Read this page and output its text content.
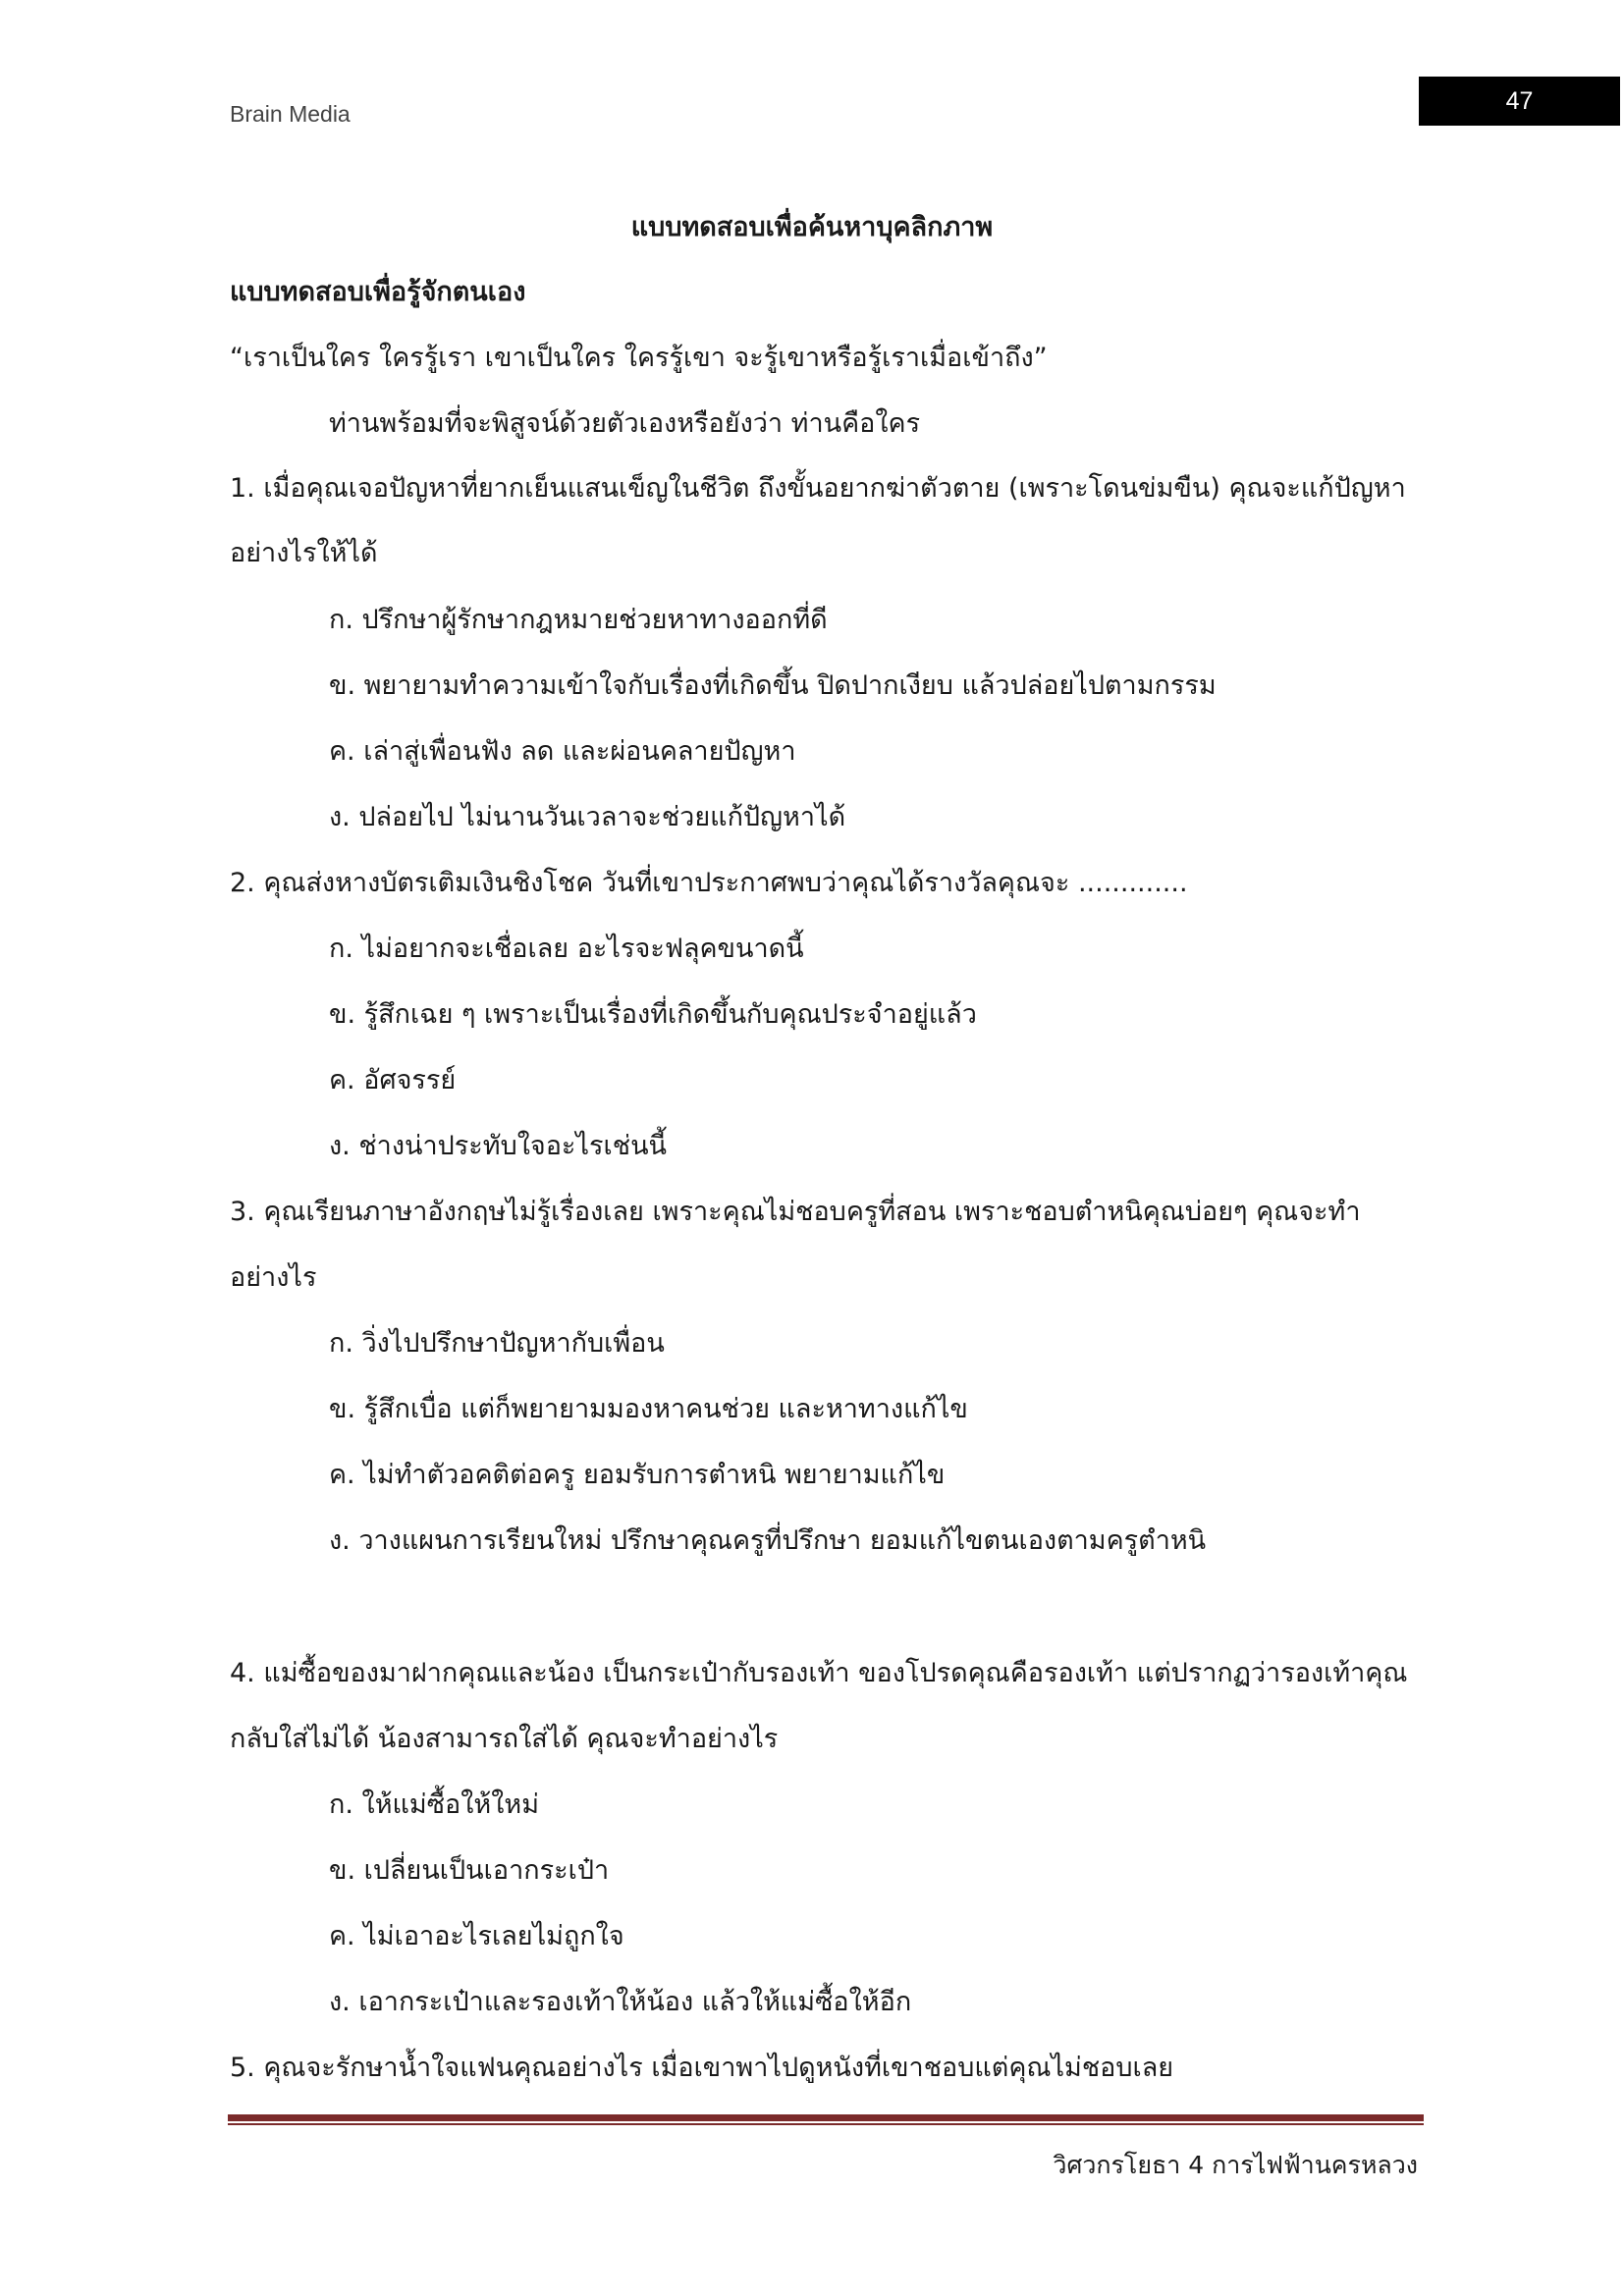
Brain Media	47
แบบทดสอบเพื่อค้นหาบุคลิกภาพ
แบบทดสอบเพื่อรู้จักตนเอง
“เราเป็นใคร ใครรู้เรา เขาเป็นใคร ใครรู้เขา จะรู้เขาหรือรู้เราเมื่อเข้าถึง”
ท่านพร้อมที่จะพิสูจน์ด้วยตัวเองหรือยังว่า ท่านคือใคร
1. เมื่อคุณเจอปัญหาที่ยากเย็นแสนเข็ญในชีวิต ถึงขั้นอยากฆ่าตัวตาย (เพราะโดนข่มขืน) คุณจะแก้ปัญหา
อย่างไรให้ได้
ก. ปรึกษาผู้รักษากฎหมายช่วยหาทางออกที่ดี
ข. พยายามทำความเข้าใจกับเรื่องที่เกิดขึ้น ปิดปากเงียบ แล้วปล่อยไปตามกรรม
ค. เล่าสู่เพื่อนฟัง ลด และผ่อนคลายปัญหา
ง. ปล่อยไป ไม่นานวันเวลาจะช่วยแก้ปัญหาได้
2. คุณส่งหางบัตรเติมเงินชิงโชค วันที่เขาประกาศพบว่าคุณได้รางวัลคุณจะ .............
ก. ไม่อยากจะเชื่อเลย อะไรจะฟลุคขนาดนี้
ข. รู้สึกเฉย ๆ เพราะเป็นเรื่องที่เกิดขึ้นกับคุณประจำอยู่แล้ว
ค. อัศจรรย์
ง. ช่างน่าประทับใจอะไรเช่นนี้
3. คุณเรียนภาษาอังกฤษไม่รู้เรื่องเลย เพราะคุณไม่ชอบครูที่สอน เพราะชอบตำหนิคุณบ่อยๆ คุณจะทำ
อย่างไร
ก. วิ่งไปปรึกษาปัญหากับเพื่อน
ข. รู้สึกเบื่อ แต่ก็พยายามมองหาคนช่วย และหาทางแก้ไข
ค. ไม่ทำตัวอคติต่อครู ยอมรับการตำหนิ พยายามแก้ไข
ง. วางแผนการเรียนใหม่ ปรึกษาคุณครูที่ปรึกษา ยอมแก้ไขตนเองตามครูตำหนิ
4. แม่ซื้อของมาฝากคุณและน้อง เป็นกระเป๋ากับรองเท้า ของโปรดคุณคือรองเท้า แต่ปรากฏว่ารองเท้าคุณ
กลับใส่ไม่ได้ น้องสามารถใส่ได้ คุณจะทำอย่างไร
ก. ให้แม่ซื้อให้ใหม่
ข. เปลี่ยนเป็นเอากระเป๋า
ค. ไม่เอาอะไรเลยไม่ถูกใจ
ง. เอากระเป๋าและรองเท้าให้น้อง แล้วให้แม่ซื้อให้อีก
5. คุณจะรักษาน้ำใจแฟนคุณอย่างไร เมื่อเขาพาไปดูหนังที่เขาชอบแต่คุณไม่ชอบเลย
วิศวกรโยธา 4 การไฟฟ้านครหลวง
